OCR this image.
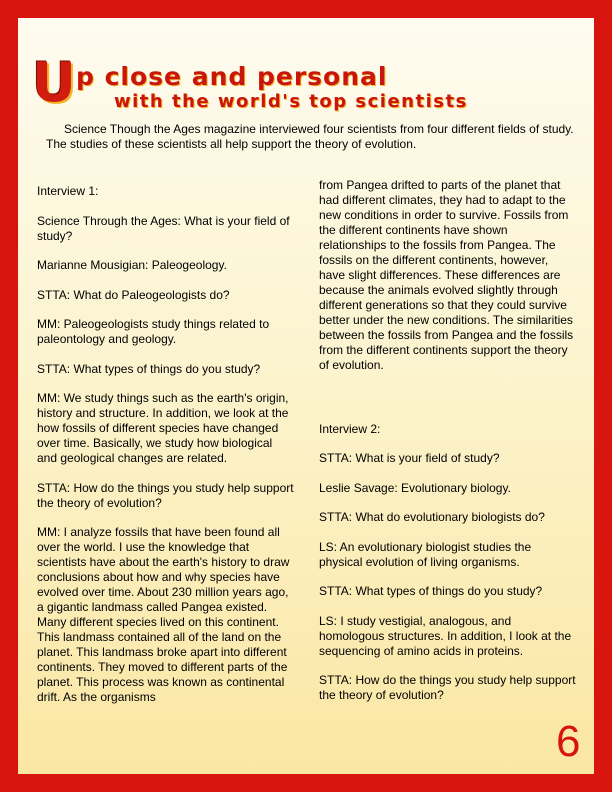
U p close and personal
with the world's top scientists
Science Though the Ages magazine interviewed four scientists from four different fields of study. The studies of these scientists all help support the theory of evolution.

Interview 1:

Science Through the Ages: What is your field of study?

Marianne Mousigian: Paleogeology.

STTA: What do Paleogeologists do?

MM: Paleogeologists study things related to paleontology and geology.

STTA: What types of things do you study?

MM: We study things such as the earth's origin, history and structure. In addition, we look at the how fossils of different species have changed over time. Basically, we study how biological and geological changes are related.

STTA: How do the things you study help support the theory of evolution?

MM: I analyze fossils that have been found all over the world. I use the knowledge that scientists have about the earth's history to draw conclusions about how and why species have evolved over time. About 230 million years ago, a gigantic landmass called Pangea existed. Many different species lived on this continent. This landmass contained all of the land on the planet. This landmass broke apart into different continents. They moved to different parts of the planet. This process was known as continental drift. As the organisms

from Pangea drifted to parts of the planet that had different climates, they had to adapt to the new conditions in order to survive. Fossils from the different continents have shown relationships to the fossils from Pangea. The fossils on the different continents, however, have slight differences. These differences are because the animals evolved slightly through different generations so that they could survive better under the new conditions. The similarities between the fossils from Pangea and the fossils from the different continents support the theory of evolution.

Interview 2:

STTA: What is your field of study?

Leslie Savage: Evolutionary biology.

STTA: What do evolutionary biologists do?

LS: An evolutionary biologist studies the physical evolution of living organisms.

STTA: What types of things do you study?

LS: I study vestigial, analogous, and homologous structures. In addition, I look at the sequencing of amino acids in proteins.

STTA: How do the things you study help support the theory of evolution?

6
